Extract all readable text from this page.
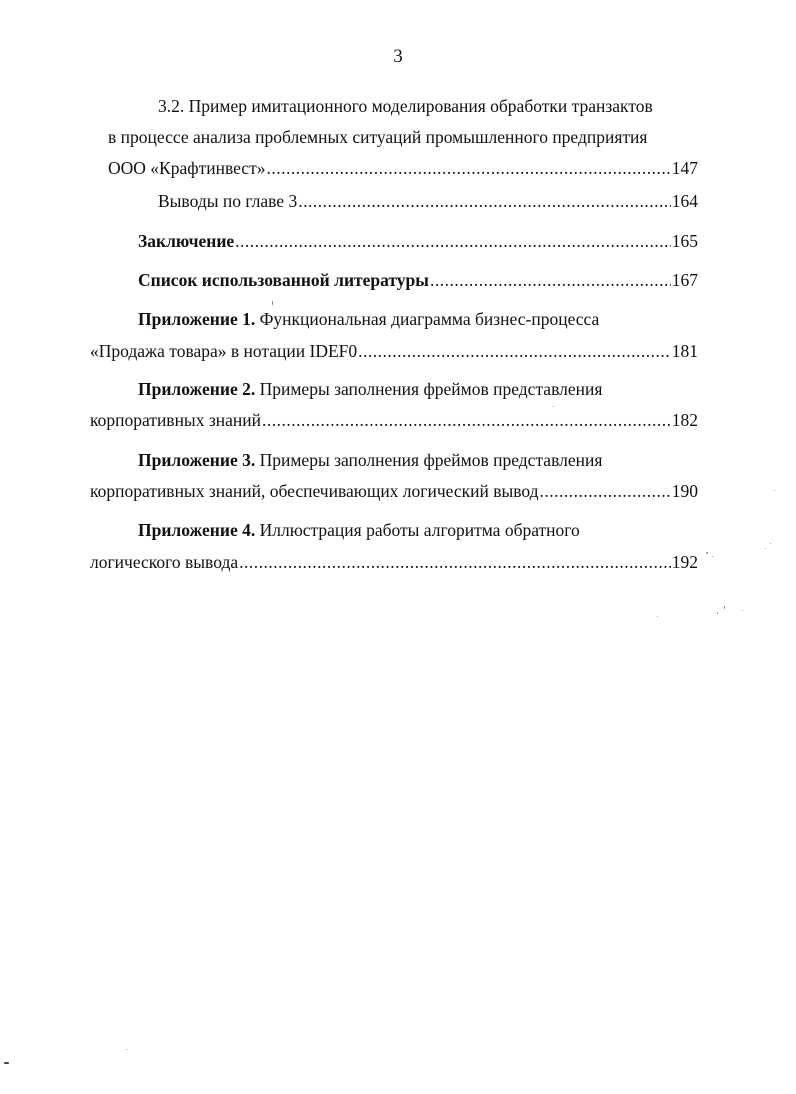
3
3.2. Пример имитационного моделирования обработки транзактов
в процессе анализа проблемных ситуаций промышленного предприятия
ООО «Крафтинвест» .....	147
Выводы по главе 3 .....	164
Заключение .....	165
Список использованной литературы .....	167
Приложение 1. Функциональная диаграмма бизнес-процесса
«Продажа товара» в нотации IDEF0 .....	181
Приложение 2. Примеры заполнения фреймов представления
корпоративных знаний .....	182
Приложение 3. Примеры заполнения фреймов представления
корпоративных знаний, обеспечивающих логический вывод .....	190
Приложение 4. Иллюстрация работы алгоритма обратного
логического вывода .....	192
